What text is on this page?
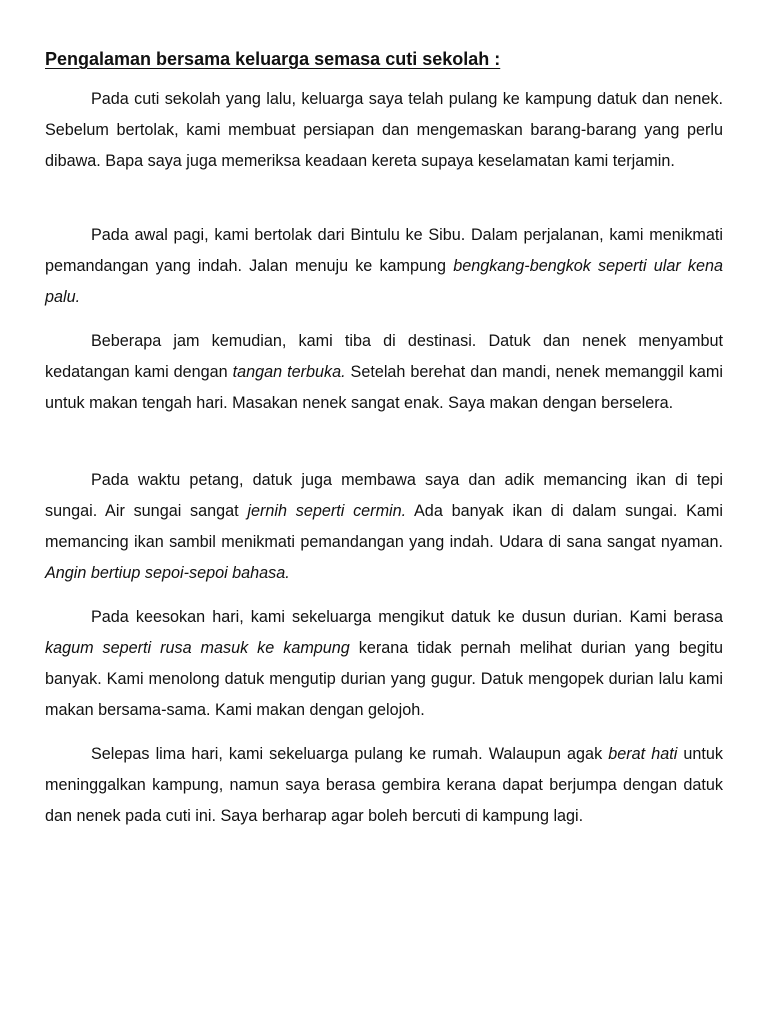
Pengalaman bersama keluarga semasa cuti sekolah :

Pada cuti sekolah yang lalu, keluarga saya telah pulang ke kampung datuk dan nenek. Sebelum bertolak, kami membuat persiapan dan mengemaskan barang-barang yang perlu dibawa. Bapa saya juga memeriksa keadaan kereta supaya keselamatan kami terjamin.

Pada awal pagi, kami bertolak dari Bintulu ke Sibu. Dalam perjalanan, kami menikmati pemandangan yang indah. Jalan menuju ke kampung bengkang-bengkok seperti ular kena palu.

Beberapa jam kemudian, kami tiba di destinasi. Datuk dan nenek menyambut kedatangan kami dengan tangan terbuka. Setelah berehat dan mandi, nenek memanggil kami untuk makan tengah hari. Masakan nenek sangat enak. Saya makan dengan berselera.

Pada waktu petang, datuk juga membawa saya dan adik memancing ikan di tepi sungai. Air sungai sangat jernih seperti cermin. Ada banyak ikan di dalam sungai. Kami memancing ikan sambil menikmati pemandangan yang indah. Udara di sana sangat nyaman. Angin bertiup sepoi-sepoi bahasa.

Pada keesokan hari, kami sekeluarga mengikut datuk ke dusun durian. Kami berasa kagum seperti rusa masuk ke kampung kerana tidak pernah melihat durian yang begitu banyak. Kami menolong datuk mengutip durian yang gugur. Datuk mengopek durian lalu kami makan bersama-sama. Kami makan dengan gelojoh.

Selepas lima hari, kami sekeluarga pulang ke rumah. Walaupun agak berat hati untuk meninggalkan kampung, namun saya berasa gembira kerana dapat berjumpa dengan datuk dan nenek pada cuti ini. Saya berharap agar boleh bercuti di kampung lagi.
